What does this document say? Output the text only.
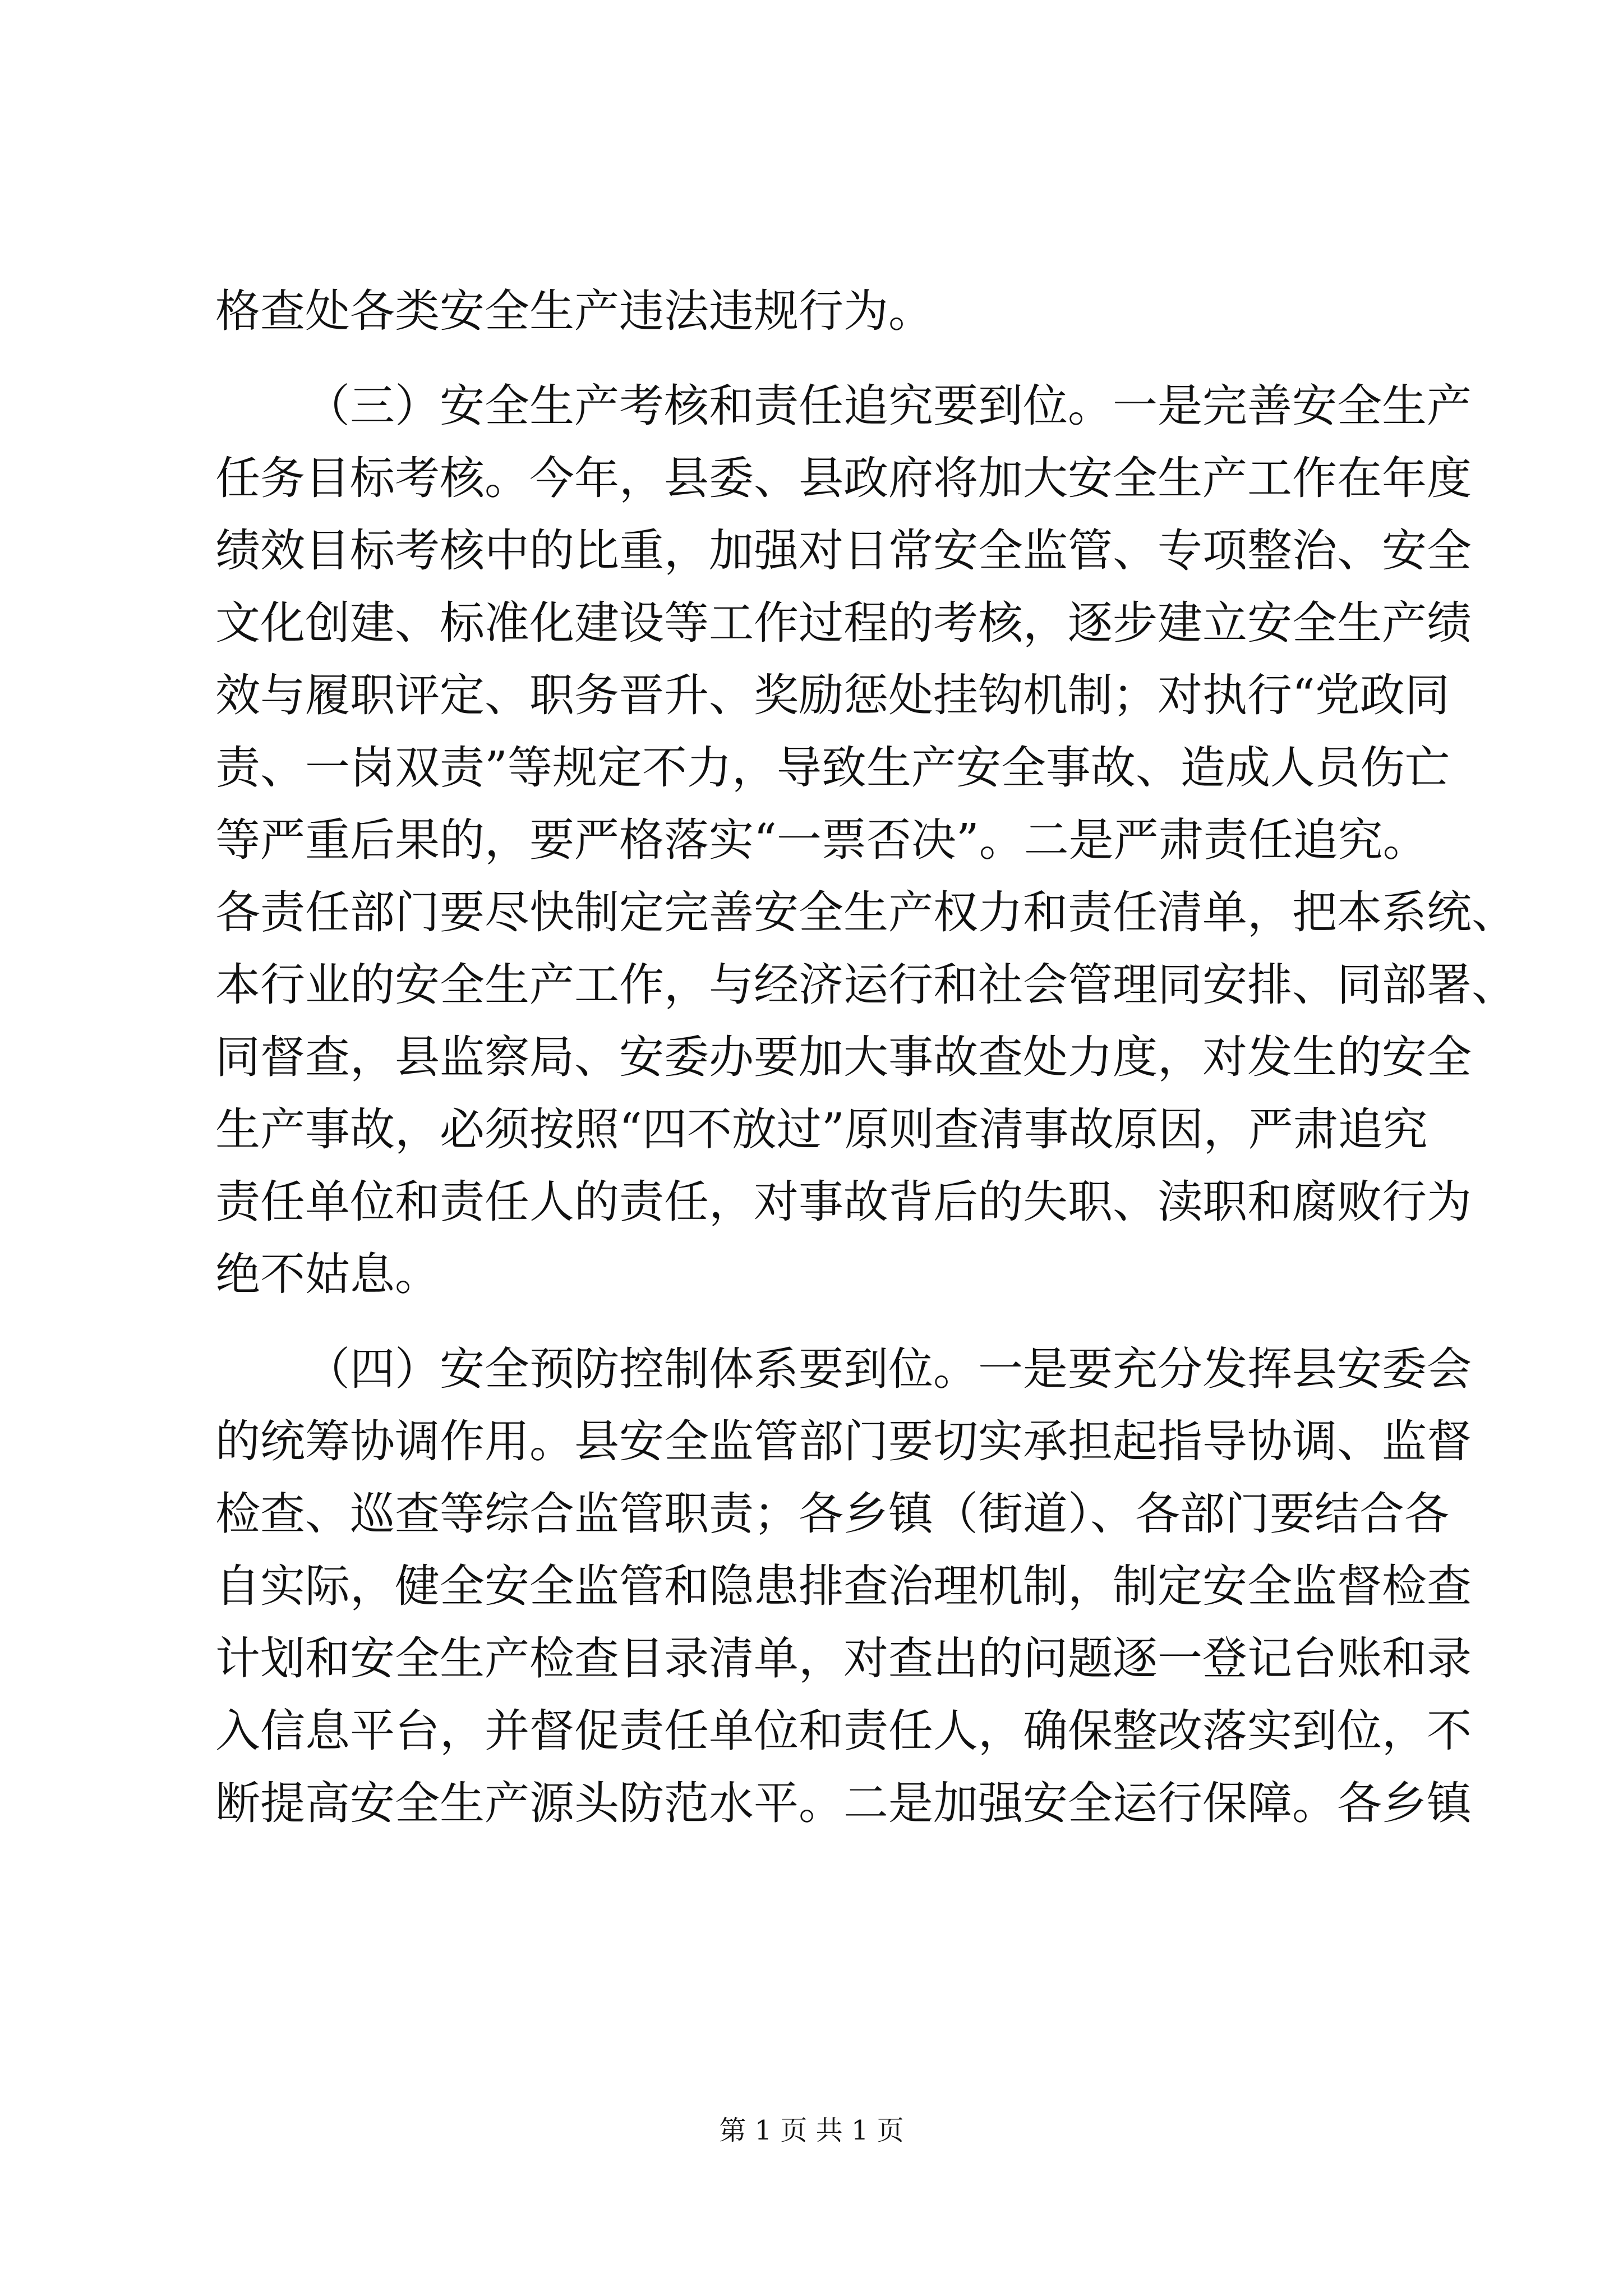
格查处各类安全生产违法违规行为。
（三）安全生产考核和责任追究要到位。一是完善安全生产
任务目标考核。今年，县委、县政府将加大安全生产工作在年度
绩效目标考核中的比重，加强对日常安全监管、专项整治、安全
文化创建、标准化建设等工作过程的考核，逐步建立安全生产绩
效与履职评定、职务晋升、奖励惩处挂钩机制；对执行“党政同
责、一岗双责”等规定不力，导致生产安全事故、造成人员伤亡
等严重后果的，要严格落实“一票否决”。二是严肃责任追究。
各责任部门要尽快制定完善安全生产权力和责任清单，把本系统、
本行业的安全生产工作，与经济运行和社会管理同安排、同部署、
同督查，县监察局、安委办要加大事故查处力度，对发生的安全
生产事故，必须按照“四不放过”原则查清事故原因，严肃追究
责任单位和责任人的责任，对事故背后的失职、渎职和腐败行为
绝不姑息。
（四）安全预防控制体系要到位。一是要充分发挥县安委会
的统筹协调作用。县安全监管部门要切实承担起指导协调、监督
检查、巡查等综合监管职责；各乡镇（街道）、各部门要结合各
自实际，健全安全监管和隐患排查治理机制，制定安全监督检查
计划和安全生产检查目录清单，对查出的问题逐一登记台账和录
入信息平台，并督促责任单位和责任人，确保整改落实到位，不
断提高安全生产源头防范水平。二是加强安全运行保障。各乡镇
第 1 页 共 1 页
